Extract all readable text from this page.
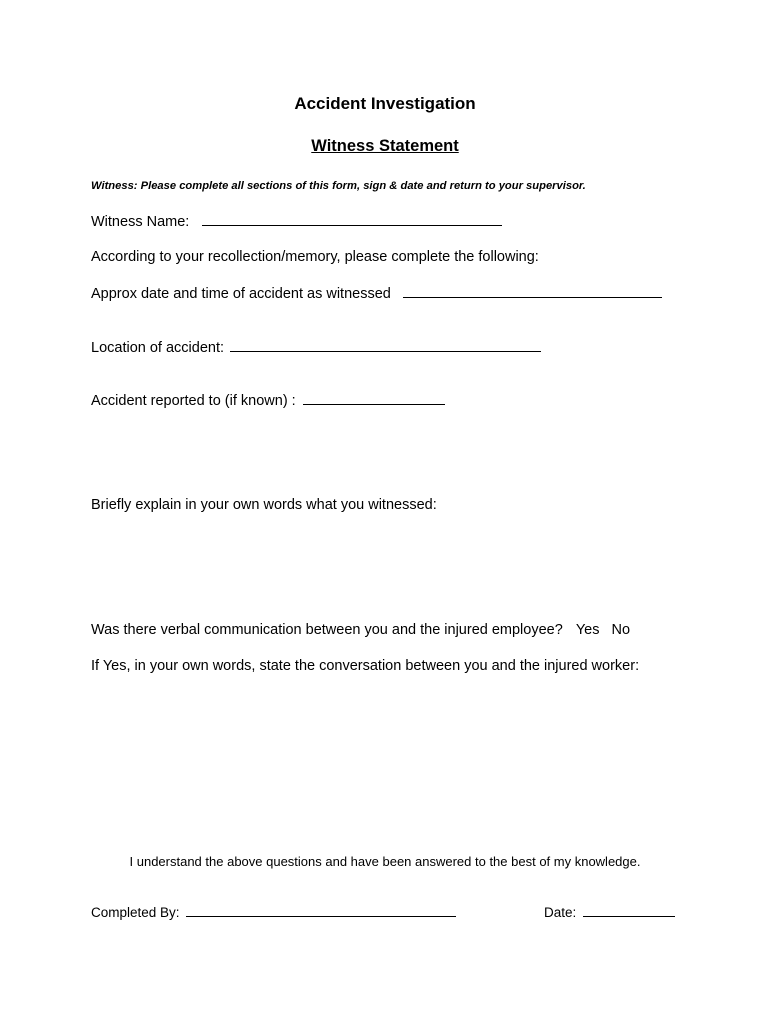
Accident Investigation
Witness Statement
Witness: Please complete all sections of this form, sign & date and return to your supervisor.
Witness Name:
According to your recollection/memory, please complete the following:
Approx date and time of accident as witnessed
Location of accident:
Accident reported to (if known) :
Briefly explain in your own words what you witnessed:
Was there verbal communication between you and the injured employee? Yes No
If Yes, in your own words, state the conversation between you and the injured worker:
I understand the above questions and have been answered to the best of my knowledge.
Completed By:	Date:
